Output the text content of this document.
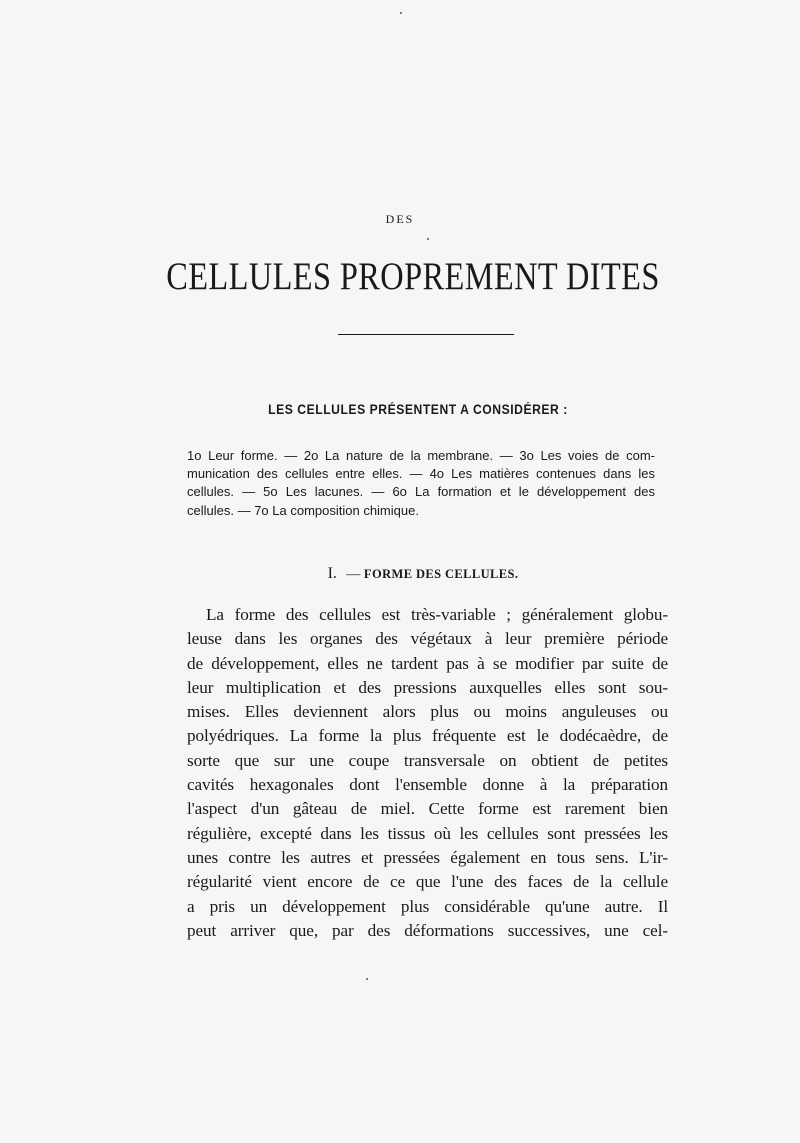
DES
CELLULES PROPREMENT DITES
LES CELLULES PRÉSENTENT A CONSIDÉRER :
1o Leur forme. — 2o La nature de la membrane. — 3o Les voies de com-
munication des cellules entre elles. — 4o Les matières contenues dans les
cellules. — 5o Les lacunes. — 6o La formation et le développement des
cellules. — 7o La composition chimique.
I. — FORME DES CELLULES.
La forme des cellules est très-variable ; généralement globu-
leuse dans les organes des végétaux à leur première période
de développement, elles ne tardent pas à se modifier par suite de
leur multiplication et des pressions auxquelles elles sont sou-
mises. Elles deviennent alors plus ou moins anguleuses ou
polyédriques. La forme la plus fréquente est le dodécaèdre, de
sorte que sur une coupe transversale on obtient de petites
cavités hexagonales dont l'ensemble donne à la préparation
l'aspect d'un gâteau de miel. Cette forme est rarement bien
régulière, excepté dans les tissus où les cellules sont pressées les
unes contre les autres et pressées également en tous sens. L'ir-
régularité vient encore de ce que l'une des faces de la cellule
a pris un développement plus considérable qu'une autre. Il
peut arriver que, par des déformations successives, une cel-
